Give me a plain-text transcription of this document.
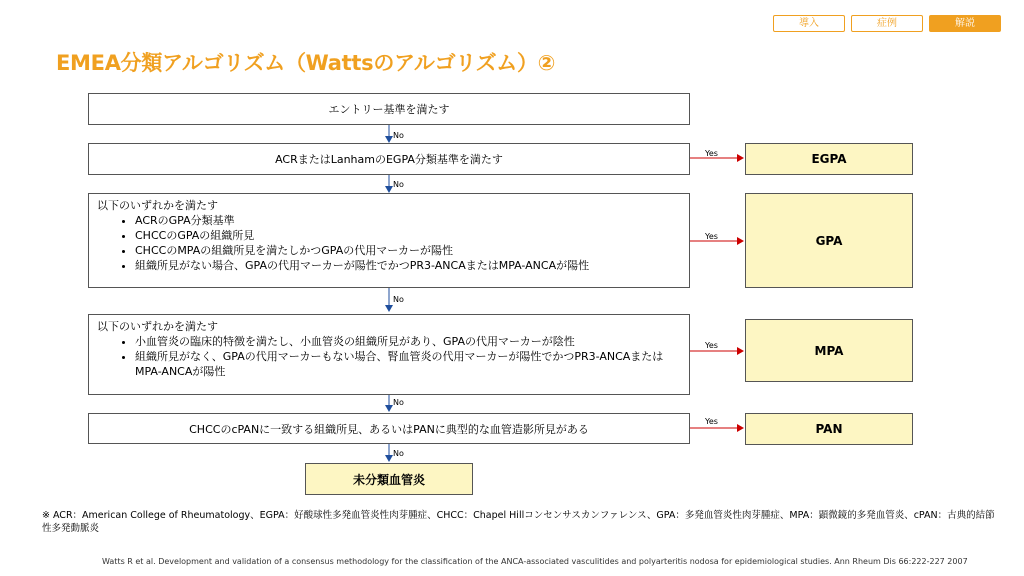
導入	症例	解説
EMEA分類アルゴリズム（Wattsのアルゴリズム）②
エントリー基準を満たす
ACRまたはLanhamのEGPA分類基準を満たす
以下のいずれかを満たす
• ACRのGPA分類基準
• CHCCのGPAの組織所見
• CHCCのMPAの組織所見を満たしかつGPAの代用マーカーが陽性
• 組織所見がない場合、GPAの代用マーカーが陽性でかつPR3-ANCAまたはMPA-ANCAが陽性
以下のいずれかを満たす
• 小血管炎の臨床的特徴を満たし、小血管炎の組織所見があり、GPAの代用マーカーが陰性
• 組織所見がなく、GPAの代用マーカーもない場合、腎血管炎の代用マーカーが陽性でかつPR3-ANCAまたはMPA-ANCAが陽性
CHCCのcPANに一致する組織所見、あるいはPANに典型的な血管造影所見がある
EGPA
GPA
MPA
PAN
未分類血管炎
No
No
No
No
No
Yes
Yes
Yes
Yes
※ ACR：American College of Rheumatology、EGPA：好酸球性多発血管炎性肉芽腫症、CHCC：Chapel Hillコンセンサスカンファレンス、GPA：多発血管炎性肉芽腫症、MPA：顕微鏡的多発血管炎、cPAN：古典的結節性多発動脈炎
Watts R et al. Development and validation of a consensus methodology for the classification of the ANCA-associated vasculitides and polyarteritis nodosa for epidemiological studies. Ann Rheum Dis 66:222-227 2007
